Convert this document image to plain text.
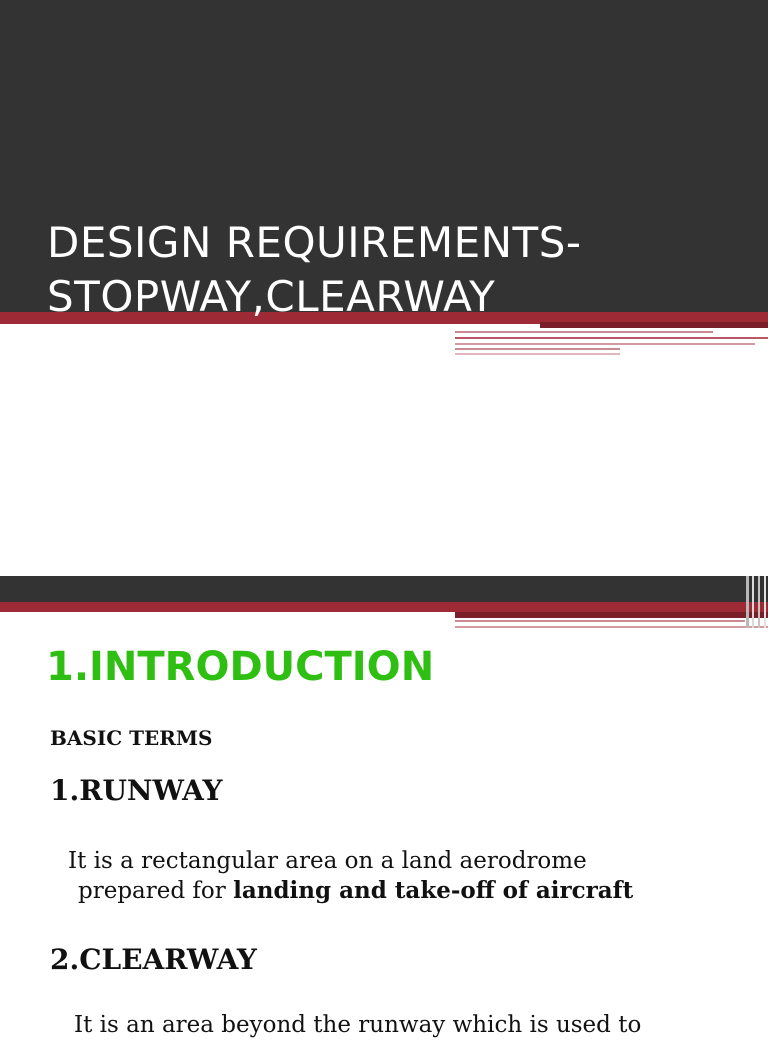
DESIGN REQUIREMENTS-
STOPWAY,CLEARWAY
1.INTRODUCTION

BASIC TERMS

1.RUNWAY

It is a rectangular area on a land aerodrome
prepared for landing and take-off of aircraft

2.CLEARWAY

It is an area beyond the runway which is used to
